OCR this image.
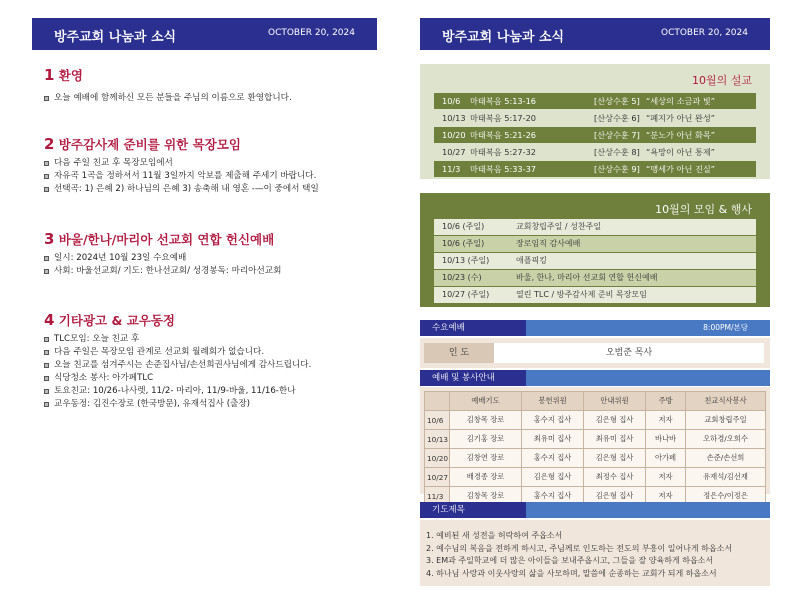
방주교회 나눔과 소식	OCTOBER 20, 2024
1 환영
오늘 예배에 함께하신 모든 분들을 주님의 이름으로 환영합니다.
2 방주감사제 준비를 위한 목장모임
다음 주일 친교 후 목장모임에서
자유곡 1곡을 정하셔서 11월 3일까지 악보를 제출해 주세기 바랍니다.
선택곡: 1) 은혜 2) 하나님의 은혜 3) 송축해 내 영혼 -—이 중에서 택일
3 바울/한나/마리아 선교회 연합 헌신예배
일시: 2024년 10월 23일 수요예배
사회: 바울선교회/ 기도: 한나선교회/ 성경봉독: 마리아선교회
4 기타광고 & 교우동정
TLC모임: 오늘 친교 후
다음 주일은 목장모임 관계로 선교회 월례회가 없습니다.
오늘 친교를 섬겨주시는 손준집사님/손선희권사님에게 감사드립니다.
식당청소 봉사: 아가페TLC
토요친교: 10/26-나사렛, 11/2- 마리아, 11/9-바울, 11/16-한나
교우동정: 김진수장로 (한국방문), 유재석집사 (출장)
방주교회 나눔과 소식	OCTOBER 20, 2024
10월의 설교
10/6 마태복음 5:13-16	[산상수훈 5] “세상의 소금과 빛”
10/13 마태복음 5:17-20	[산상수훈 6] “폐지가 아닌 완성”
10/20 마태복음 5:21-26	[산상수훈 7] “분노가 아닌 화목”
10/27 마태복음 5:27-32	[산상수훈 8] “욕망이 아닌 통제”
11/3 마태복음 5:33-37	[산상수훈 9] “맹세가 아닌 진실”
10월의 모임 & 행사
10/6 (주일)	교회창립주일 / 성찬주일
10/6 (주일)	장로임직 감사예배
10/13 (주일)	애플픽킹
10/23 (수)	바울, 한나, 마리아 선교회 연합 헌신예배
10/27 (주일)	열린 TLC / 방주감사제 준비 목장모임
수요예배	8:00PM/본당
인 도	오범준 목사
예배 및 봉사안내
	예배기도	봉헌위원	안내위원	주방	친교식사봉사
10/6	김창목 장로	홍수지 집사	김은형 집사	저자	교회창립주일
10/13	김기홍 장로	최유미 집사	최유미 집사	바나바	오하경/오희수
10/20	김창연 장로	홍수지 집사	김은형 집사	아가페	손준/손선희
10/27	배경종 장로	김은형 집사	최정수 집사	저자	유재석/김선재
11/3	김창목 장로	홍수지 집사	김은형 집사	저자	정은수/이정은
기도제목
1. 예비된 새 성전을 허락하여 주옵소서
2. 예수님의 복음을 전하게 하시고, 주님께로 인도하는 전도의 부흥이 일어나게 하옵소서
3. EM과 주일학교에 더 많은 아이들을 보내주옵시고, 그들을 잘 양육하게 하옵소서
4. 하나님 사랑과 이웃사랑의 삶을 사모하며, 말씀에 순종하는 교회가 되게 하옵소서
